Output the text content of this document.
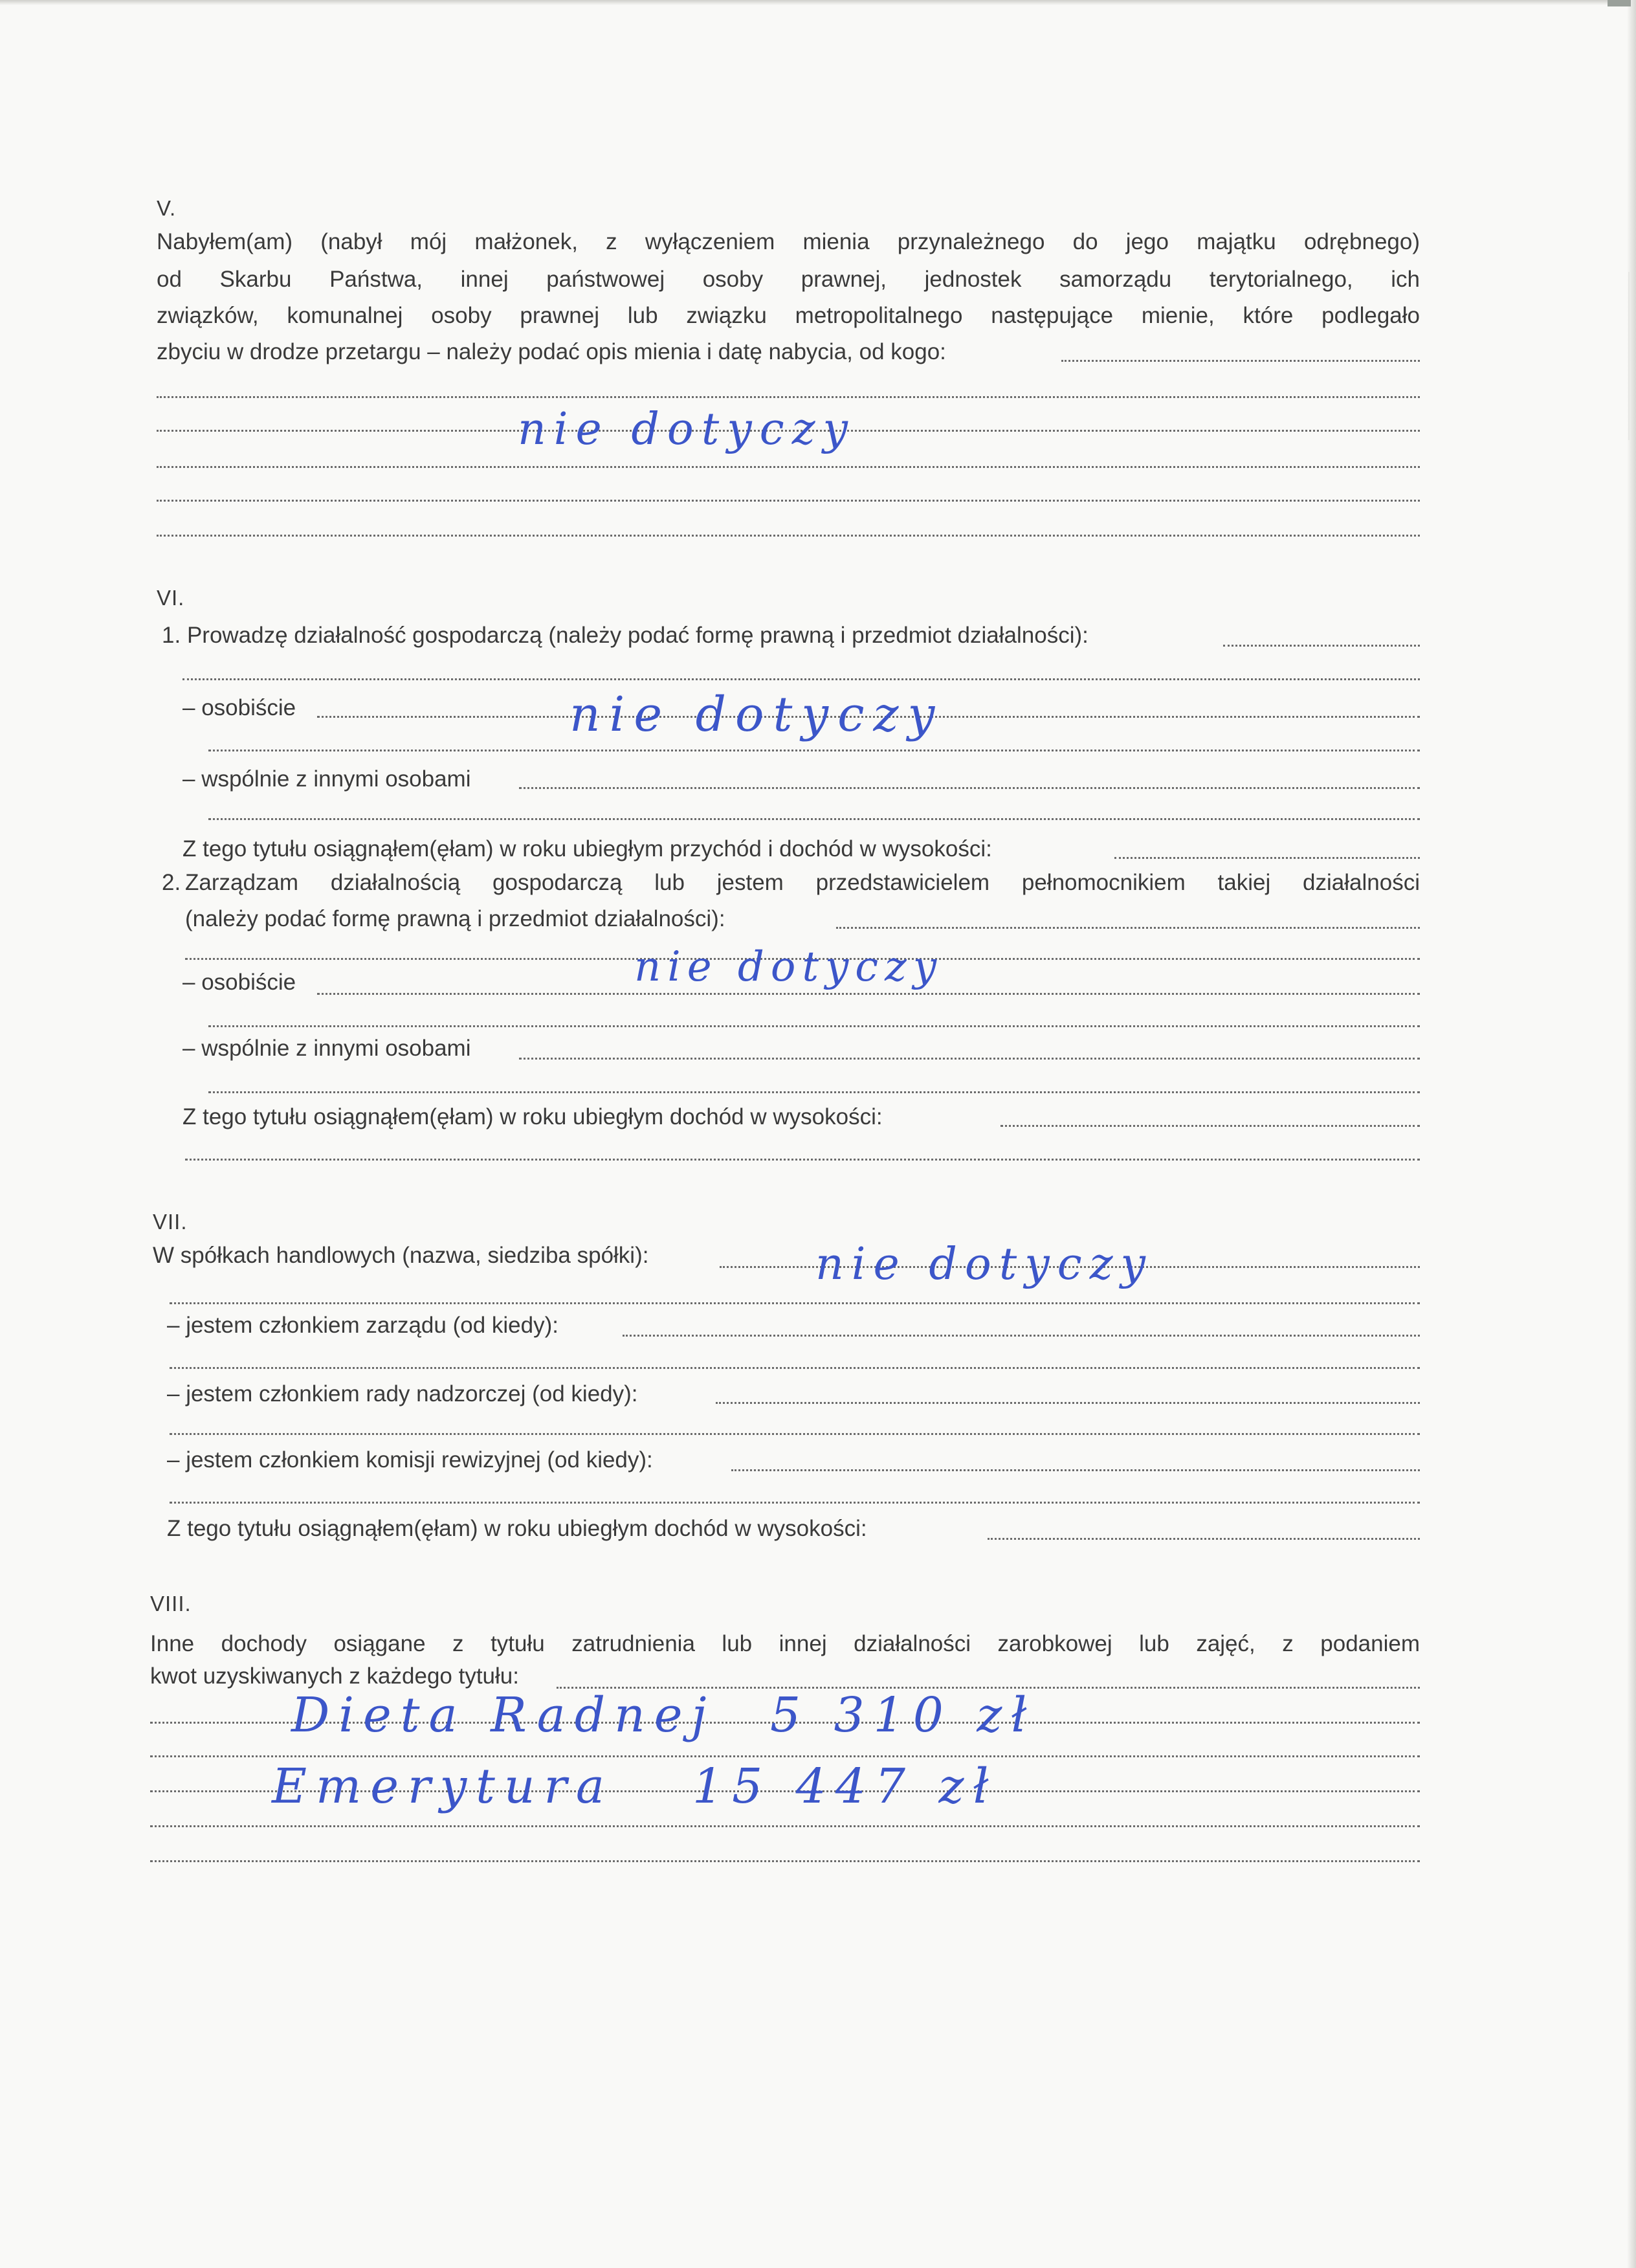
V.
Nabyłem(am) (nabył mój małżonek, z wyłączeniem mienia przynależnego do jego majątku odrębnego)
od Skarbu Państwa, innej państwowej osoby prawnej, jednostek samorządu terytorialnego, ich
związków, komunalnej osoby prawnej lub związku metropolitalnego następujące mienie, które podlegało
zbyciu w drodze przetargu – należy podać opis mienia i datę nabycia, od kogo:
nie dotyczy
VI.
1. Prowadzę działalność gospodarczą (należy podać formę prawną i przedmiot działalności):
– osobiście
– wspólnie z innymi osobami
nie dotyczy
Z tego tytułu osiągnąłem(ęłam) w roku ubiegłym przychód i dochód w wysokości:
2. Zarządzam działalnością gospodarczą lub jestem przedstawicielem pełnomocnikiem takiej działalności
(należy podać formę prawną i przedmiot działalności):
– osobiście	nie dotyczy
– wspólnie z innymi osobami
Z tego tytułu osiągnąłem(ęłam) w roku ubiegłym dochód w wysokości:
VII.
W spółkach handlowych (nazwa, siedziba spółki):	nie dotyczy
– jestem członkiem zarządu (od kiedy):
– jestem członkiem rady nadzorczej (od kiedy):
– jestem członkiem komisji rewizyjnej (od kiedy):
Z tego tytułu osiągnąłem(ęłam) w roku ubiegłym dochód w wysokości:
VIII.
Inne dochody osiągane z tytułu zatrudnienia lub innej działalności zarobkowej lub zajęć, z podaniem
kwot uzyskiwanych z każdego tytułu:
Dieta Radnej 5 310 zł
Emerytura 15 447 zł
